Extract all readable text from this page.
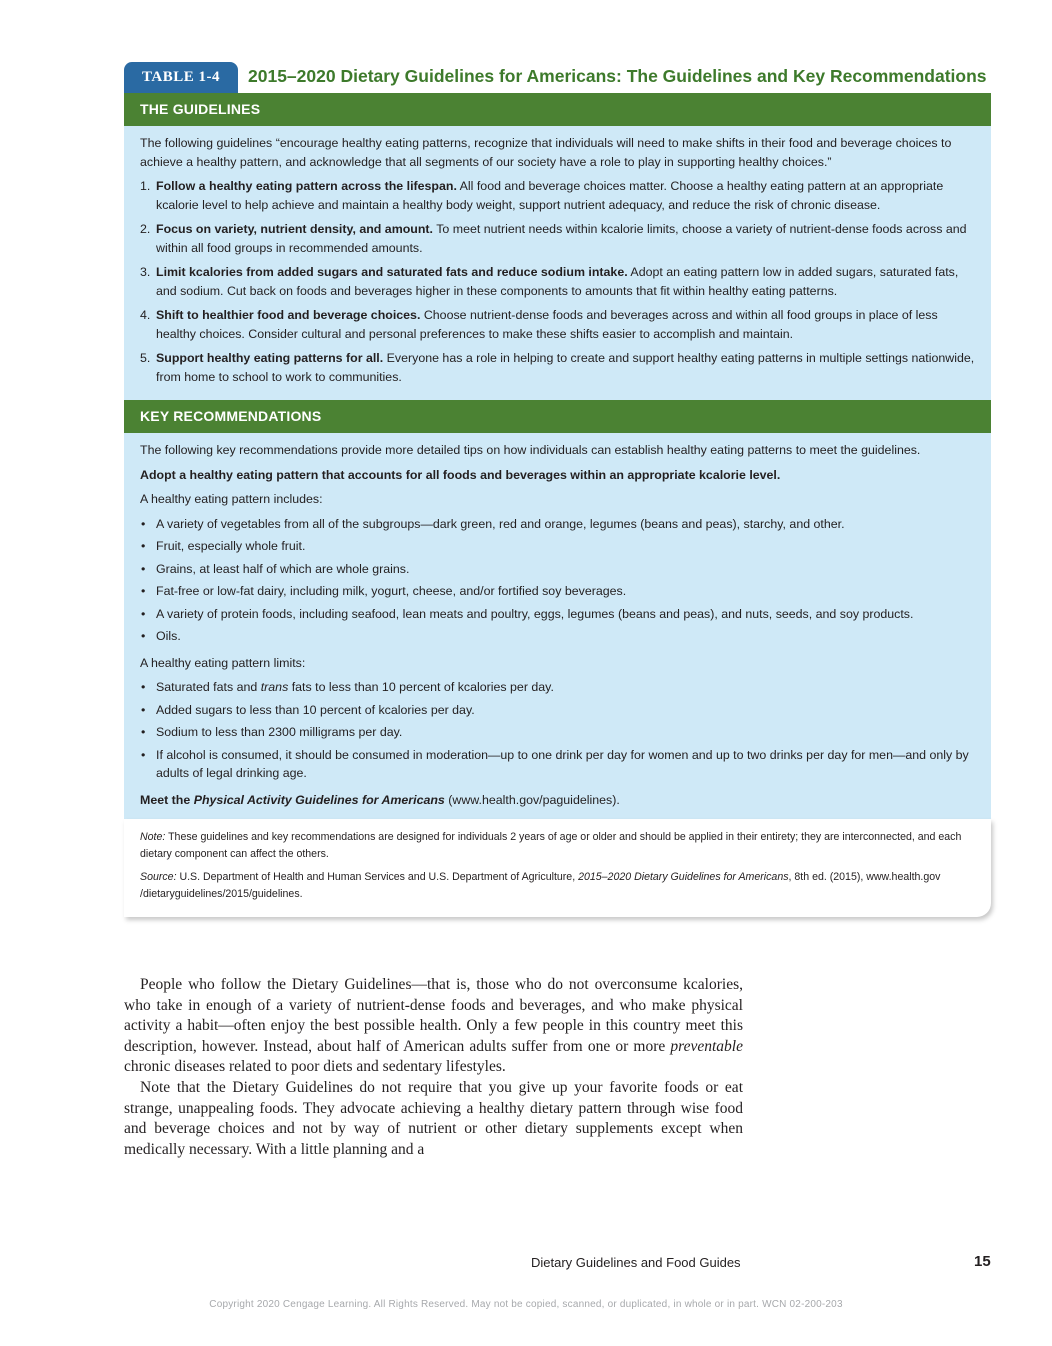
TABLE 1-4	2015–2020 Dietary Guidelines for Americans: The Guidelines and Key Recommendations
THE GUIDELINES

The following guidelines “encourage healthy eating patterns, recognize that individuals will need to make shifts in their food and beverage choices to achieve a healthy pattern, and acknowledge that all segments of our society have a role to play in supporting healthy choices.”

1. Follow a healthy eating pattern across the lifespan. All food and beverage choices matter. Choose a healthy eating pattern at an appropriate kcalorie level to help achieve and maintain a healthy body weight, support nutrient adequacy, and reduce the risk of chronic disease.
2. Focus on variety, nutrient density, and amount. To meet nutrient needs within kcalorie limits, choose a variety of nutrient-dense foods across and within all food groups in recommended amounts.
3. Limit kcalories from added sugars and saturated fats and reduce sodium intake. Adopt an eating pattern low in added sugars, saturated fats, and sodium. Cut back on foods and beverages higher in these components to amounts that fit within healthy eating patterns.
4. Shift to healthier food and beverage choices. Choose nutrient-dense foods and beverages across and within all food groups in place of less healthy choices. Consider cultural and personal preferences to make these shifts easier to accomplish and maintain.
5. Support healthy eating patterns for all. Everyone has a role in helping to create and support healthy eating patterns in multiple settings nationwide, from home to school to work to communities.
KEY RECOMMENDATIONS

The following key recommendations provide more detailed tips on how individuals can establish healthy eating patterns to meet the guidelines.

Adopt a healthy eating pattern that accounts for all foods and beverages within an appropriate kcalorie level.

A healthy eating pattern includes:

• A variety of vegetables from all of the subgroups—dark green, red and orange, legumes (beans and peas), starchy, and other.
• Fruit, especially whole fruit.
• Grains, at least half of which are whole grains.
• Fat-free or low-fat dairy, including milk, yogurt, cheese, and/or fortified soy beverages.
• A variety of protein foods, including seafood, lean meats and poultry, eggs, legumes (beans and peas), and nuts, seeds, and soy products.
• Oils.

A healthy eating pattern limits:

• Saturated fats and trans fats to less than 10 percent of kcalories per day.
• Added sugars to less than 10 percent of kcalories per day.
• Sodium to less than 2300 milligrams per day.
• If alcohol is consumed, it should be consumed in moderation—up to one drink per day for women and up to two drinks per day for men—and only by adults of legal drinking age.

Meet the Physical Activity Guidelines for Americans (www.health.gov/paguidelines).

Note: These guidelines and key recommendations are designed for individuals 2 years of age or older and should be applied in their entirety; they are interconnected, and each dietary component can affect the others.

Source: U.S. Department of Health and Human Services and U.S. Department of Agriculture, 2015–2020 Dietary Guidelines for Americans, 8th ed. (2015), www.health.gov /dietaryguidelines/2015/guidelines.

People who follow the Dietary Guidelines—that is, those who do not overconsume kcalories, who take in enough of a variety of nutrient-dense foods and beverages, and who make physical activity a habit—often enjoy the best possible health. Only a few people in this country meet this description, however. Instead, about half of American adults suffer from one or more preventable chronic diseases related to poor diets and sedentary lifestyles.

Note that the Dietary Guidelines do not require that you give up your favorite foods or eat strange, unappealing foods. They advocate achieving a healthy dietary pattern through wise food and beverage choices and not by way of nutrient or other dietary supplements except when medically necessary. With a little planning and a

Dietary Guidelines and Food Guides	15
Copyright 2020 Cengage Learning. All Rights Reserved. May not be copied, scanned, or duplicated, in whole or in part. WCN 02-200-203
